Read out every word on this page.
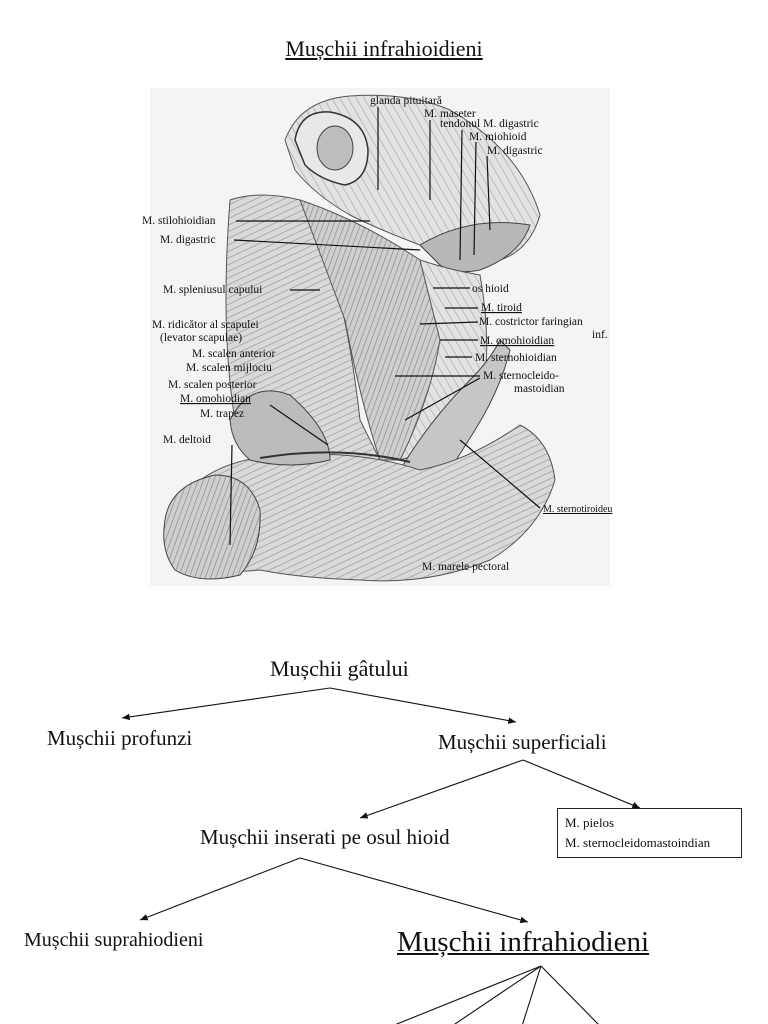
Mușchii infrahioidieni
glanda pituitară
M. maseter
tendonul M. digastric
M. miohioid
M. digastric
M. stilohioidian
M. digastric
M. spleniusul capului	os hioid
M. tiroid
M. costrictor faringian
inf.
M. ridicător al scapulei
(levator scapulae)	M. omohioidian
M. scalen anterior	M. sternohioidian
M. scalen mijlociu
M. sternocleido-
mastoidian
M. scalen posterior
M. omohiodian
M. trapez
M. deltoid
M. sternotiroideu
M. marele pectoral
Mușchii gâtului
Mușchii profunzi	Mușchii superficiali
Mușchii inserati pe osul hioid
M. pielos
M. sternocleidomastoindian
Mușchii suprahiodieni	Mușchii infrahiodieni
